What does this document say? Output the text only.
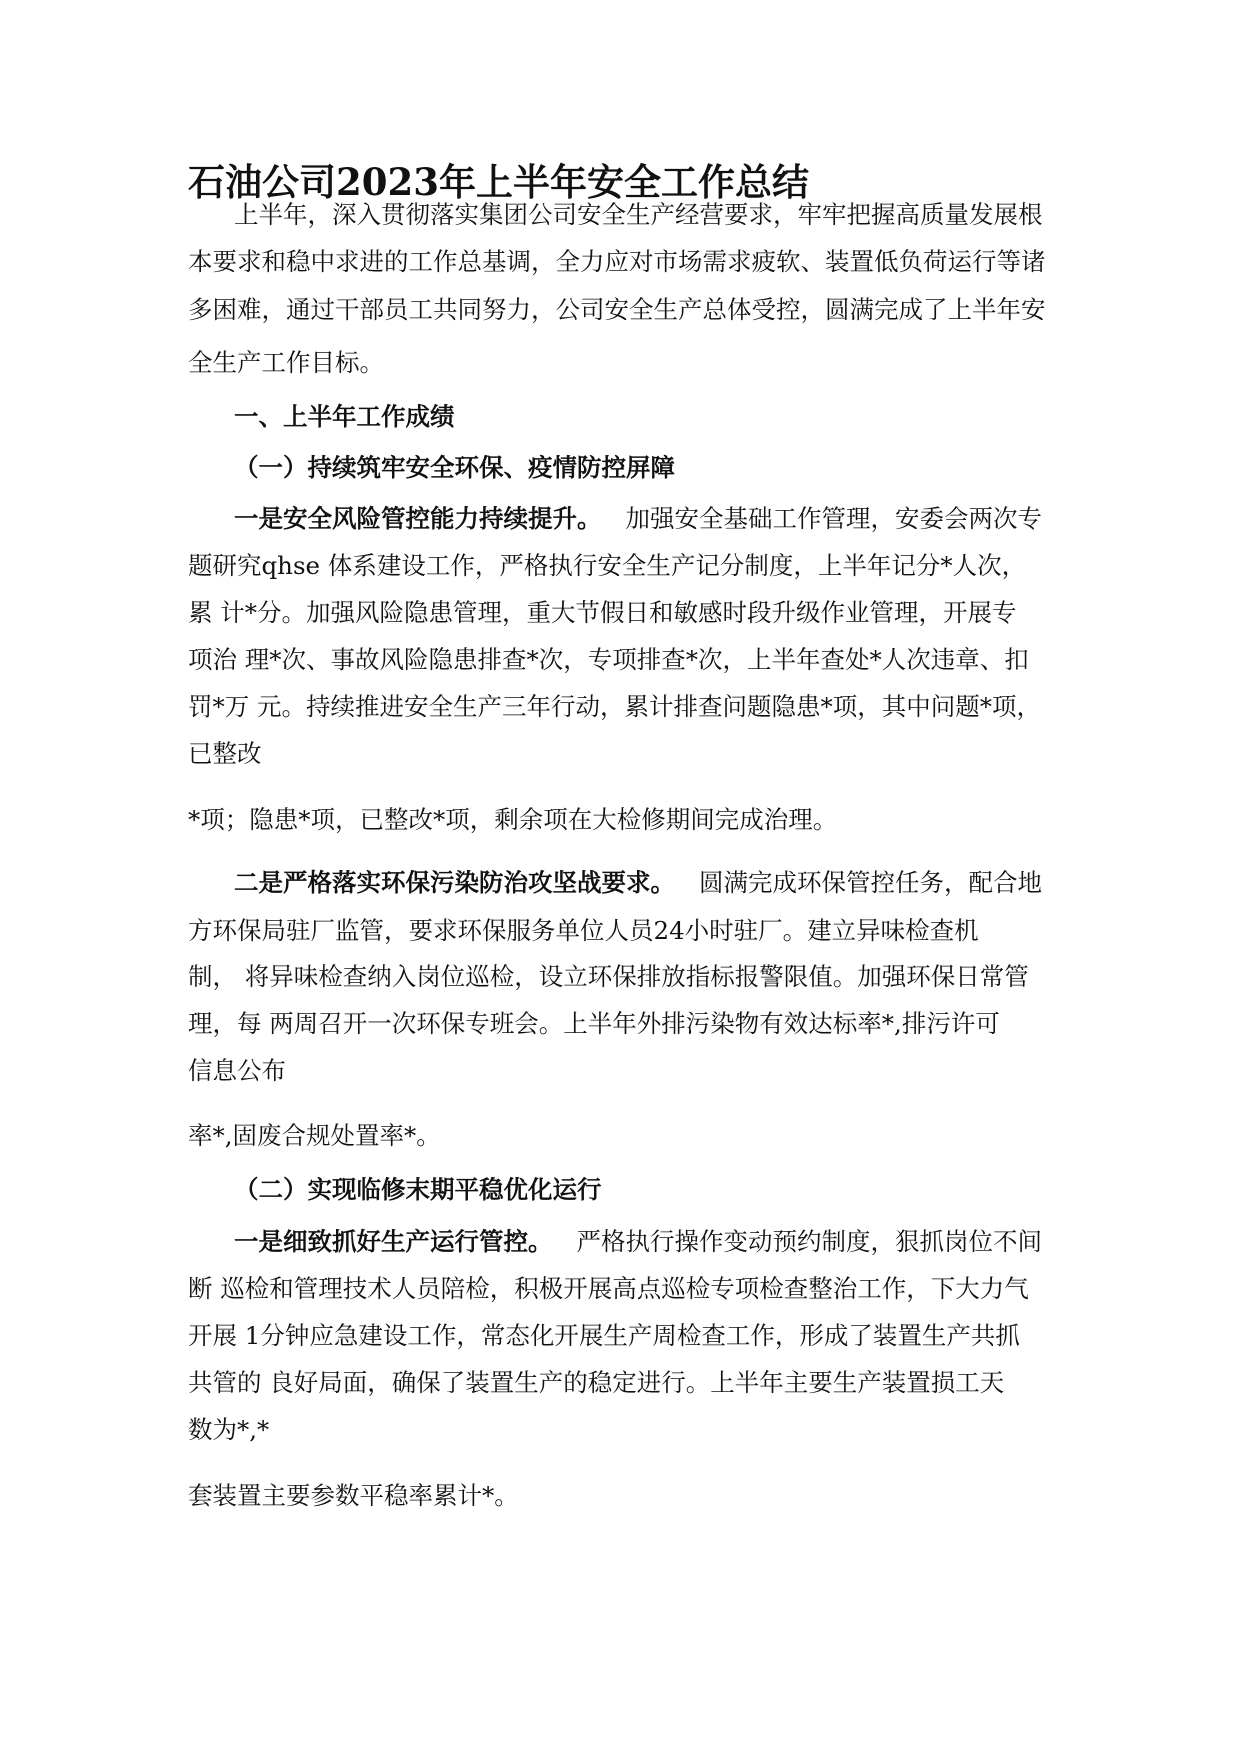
石油公司2023年上半年安全工作总结

上半年，深入贯彻落实集团公司安全生产经营要求，牢牢把握高质量发展根

本要求和稳中求进的工作总基调，全力应对市场需求疲软、装置低负荷运行等诸

多困难，通过干部员工共同努力，公司安全生产总体受控，圆满完成了上半年安

全生产工作目标。

一、上半年工作成绩

（一）持续筑牢安全环保、疫情防控屏障

一是安全风险管控能力持续提升。 加强安全基础工作管理，安委会两次专

题研究qhse 体系建设工作，严格执行安全生产记分制度，上半年记分*人次，

累 计*分。加强风险隐患管理，重大节假日和敏感时段升级作业管理，开展专

项治 理*次、事故风险隐患排查*次，专项排查*次，上半年查处*人次违章、扣

罚*万 元。持续推进安全生产三年行动，累计排查问题隐患*项，其中问题*项，

已整改

*项；隐患*项，已整改*项，剩余项在大检修期间完成治理。

二是严格落实环保污染防治攻坚战要求。 圆满完成环保管控任务，配合地

方环保局驻厂监管，要求环保服务单位人员24小时驻厂。建立异味检查机

制， 将异味检查纳入岗位巡检，设立环保排放指标报警限值。加强环保日常管

理，每 两周召开一次环保专班会。上半年外排污染物有效达标率*,排污许可

信息公布

率*,固废合规处置率*。

（二）实现临修末期平稳优化运行

一是细致抓好生产运行管控。 严格执行操作变动预约制度，狠抓岗位不间

断 巡检和管理技术人员陪检，积极开展高点巡检专项检查整治工作，下大力气

开展 1分钟应急建设工作，常态化开展生产周检查工作，形成了装置生产共抓

共管的 良好局面，确保了装置生产的稳定进行。上半年主要生产装置损工天

数为*,*

套装置主要参数平稳率累计*。
